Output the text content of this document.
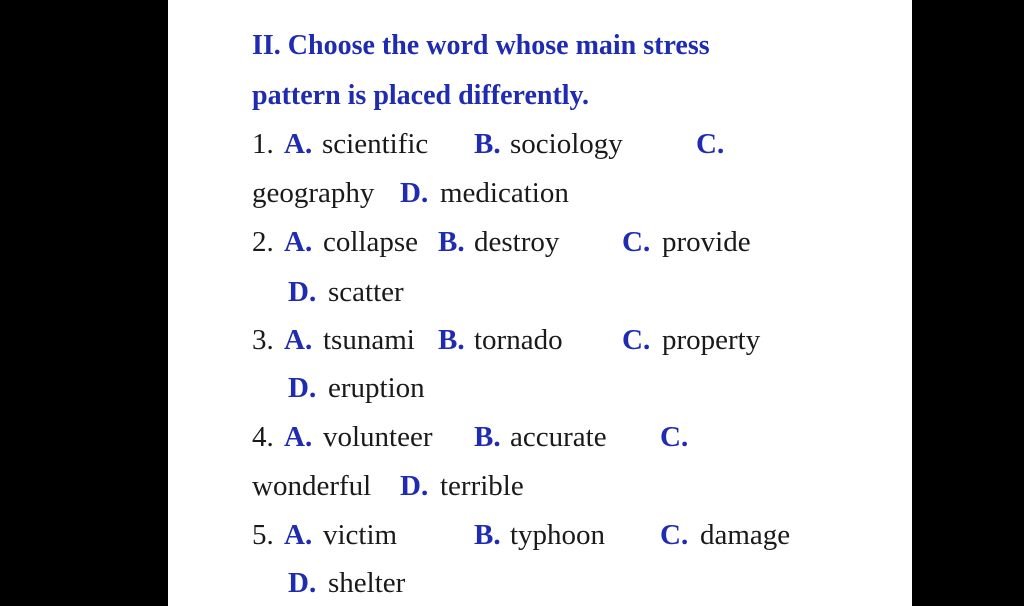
II. Choose the word whose main stress
pattern is placed differently.
1. A. scientific B. sociology	C.
geography D. medication
2. A. collapse B. destroy C. provide
D. scatter
3. A. tsunami B. tornado C. property
D. eruption
4. A. volunteer B. accurate C.
wonderful D. terrible
5. A. victim	B. typhoon C. damage
D. shelter
